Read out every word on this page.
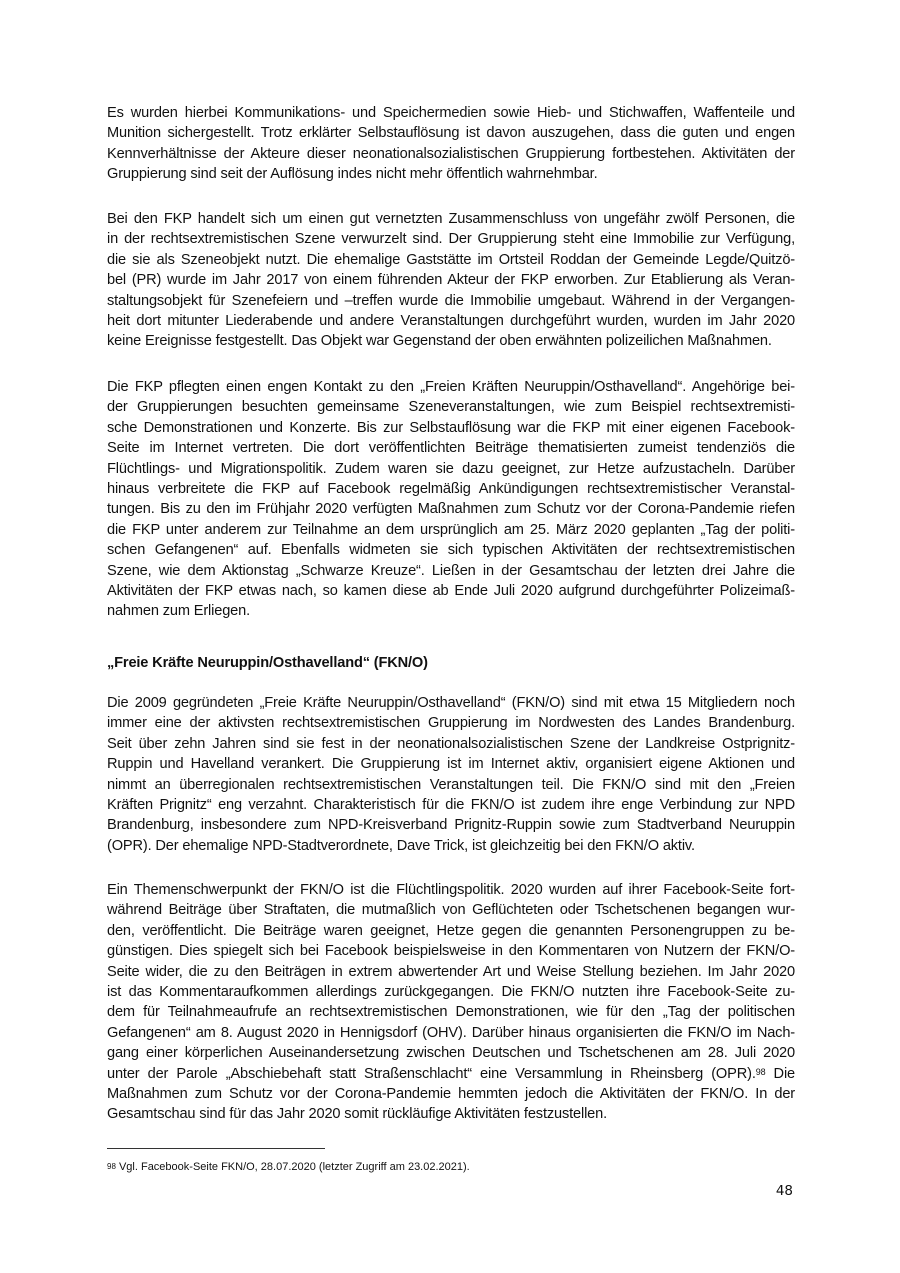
Es wurden hierbei Kommunikations- und Speichermedien sowie Hieb- und Stichwaffen, Waffenteile und
Munition sichergestellt. Trotz erklärter Selbstauflösung ist davon auszugehen, dass die guten und engen
Kennverhältnisse der Akteure dieser neonationalsozialistischen Gruppierung fortbestehen. Aktivitäten der
Gruppierung sind seit der Auflösung indes nicht mehr öffentlich wahrnehmbar.

Bei den FKP handelt sich um einen gut vernetzten Zusammenschluss von ungefähr zwölf Personen, die
in der rechtsextremistischen Szene verwurzelt sind. Der Gruppierung steht eine Immobilie zur Verfügung,
die sie als Szeneobjekt nutzt. Die ehemalige Gaststätte im Ortsteil Roddan der Gemeinde Legde/Quitzö-
bel (PR) wurde im Jahr 2017 von einem führenden Akteur der FKP erworben. Zur Etablierung als Veran-
staltungsobjekt für Szenefeiern und –treffen wurde die Immobilie umgebaut. Während in der Vergangen-
heit dort mitunter Liederabende und andere Veranstaltungen durchgeführt wurden, wurden im Jahr 2020
keine Ereignisse festgestellt. Das Objekt war Gegenstand der oben erwähnten polizeilichen Maßnahmen.

Die FKP pflegten einen engen Kontakt zu den „Freien Kräften Neuruppin/Osthavelland“. Angehörige bei-
der Gruppierungen besuchten gemeinsame Szeneveranstaltungen, wie zum Beispiel rechtsextremisti-
sche Demonstrationen und Konzerte. Bis zur Selbstauflösung war die FKP mit einer eigenen Facebook-
Seite im Internet vertreten. Die dort veröffentlichten Beiträge thematisierten zumeist tendenziös die
Flüchtlings- und Migrationspolitik. Zudem waren sie dazu geeignet, zur Hetze aufzustacheln. Darüber
hinaus verbreitete die FKP auf Facebook regelmäßig Ankündigungen rechtsextremistischer Veranstal-
tungen. Bis zu den im Frühjahr 2020 verfügten Maßnahmen zum Schutz vor der Corona-Pandemie riefen
die FKP unter anderem zur Teilnahme an dem ursprünglich am 25. März 2020 geplanten „Tag der politi-
schen Gefangenen“ auf. Ebenfalls widmeten sie sich typischen Aktivitäten der rechtsextremistischen
Szene, wie dem Aktionstag „Schwarze Kreuze“. Ließen in der Gesamtschau der letzten drei Jahre die
Aktivitäten der FKP etwas nach, so kamen diese ab Ende Juli 2020 aufgrund durchgeführter Polizeimaß-
nahmen zum Erliegen.

„Freie Kräfte Neuruppin/Osthavelland“ (FKN/O)

Die 2009 gegründeten „Freie Kräfte Neuruppin/Osthavelland“ (FKN/O) sind mit etwa 15 Mitgliedern noch
immer eine der aktivsten rechtsextremistischen Gruppierung im Nordwesten des Landes Brandenburg.
Seit über zehn Jahren sind sie fest in der neonationalsozialistischen Szene der Landkreise Ostprignitz-
Ruppin und Havelland verankert. Die Gruppierung ist im Internet aktiv, organisiert eigene Aktionen und
nimmt an überregionalen rechtsextremistischen Veranstaltungen teil. Die FKN/O sind mit den „Freien
Kräften Prignitz“ eng verzahnt. Charakteristisch für die FKN/O ist zudem ihre enge Verbindung zur NPD
Brandenburg, insbesondere zum NPD-Kreisverband Prignitz-Ruppin sowie zum Stadtverband Neuruppin
(OPR). Der ehemalige NPD-Stadtverordnete, Dave Trick, ist gleichzeitig bei den FKN/O aktiv.

Ein Themenschwerpunkt der FKN/O ist die Flüchtlingspolitik. 2020 wurden auf ihrer Facebook-Seite fort-
während Beiträge über Straftaten, die mutmaßlich von Geflüchteten oder Tschetschenen begangen wur-
den, veröffentlicht. Die Beiträge waren geeignet, Hetze gegen die genannten Personengruppen zu be-
günstigen. Dies spiegelt sich bei Facebook beispielsweise in den Kommentaren von Nutzern der FKN/O-
Seite wider, die zu den Beiträgen in extrem abwertender Art und Weise Stellung beziehen. Im Jahr 2020
ist das Kommentaraufkommen allerdings zurückgegangen. Die FKN/O nutzten ihre Facebook-Seite zu-
dem für Teilnahmeaufrufe an rechtsextremistischen Demonstrationen, wie für den „Tag der politischen
Gefangenen“ am 8. August 2020 in Hennigsdorf (OHV). Darüber hinaus organisierten die FKN/O im Nach-
gang einer körperlichen Auseinandersetzung zwischen Deutschen und Tschetschenen am 28. Juli 2020
unter der Parole „Abschiebehaft statt Straßenschlacht“ eine Versammlung in Rheinsberg (OPR).$^{98}$ Die
Maßnahmen zum Schutz vor der Corona-Pandemie hemmten jedoch die Aktivitäten der FKN/O. In der
Gesamtschau sind für das Jahr 2020 somit rückläufige Aktivitäten festzustellen.

$^{98}$ Vgl. Facebook-Seite FKN/O, 28.07.2020 (letzter Zugriff am 23.02.2021).

48
